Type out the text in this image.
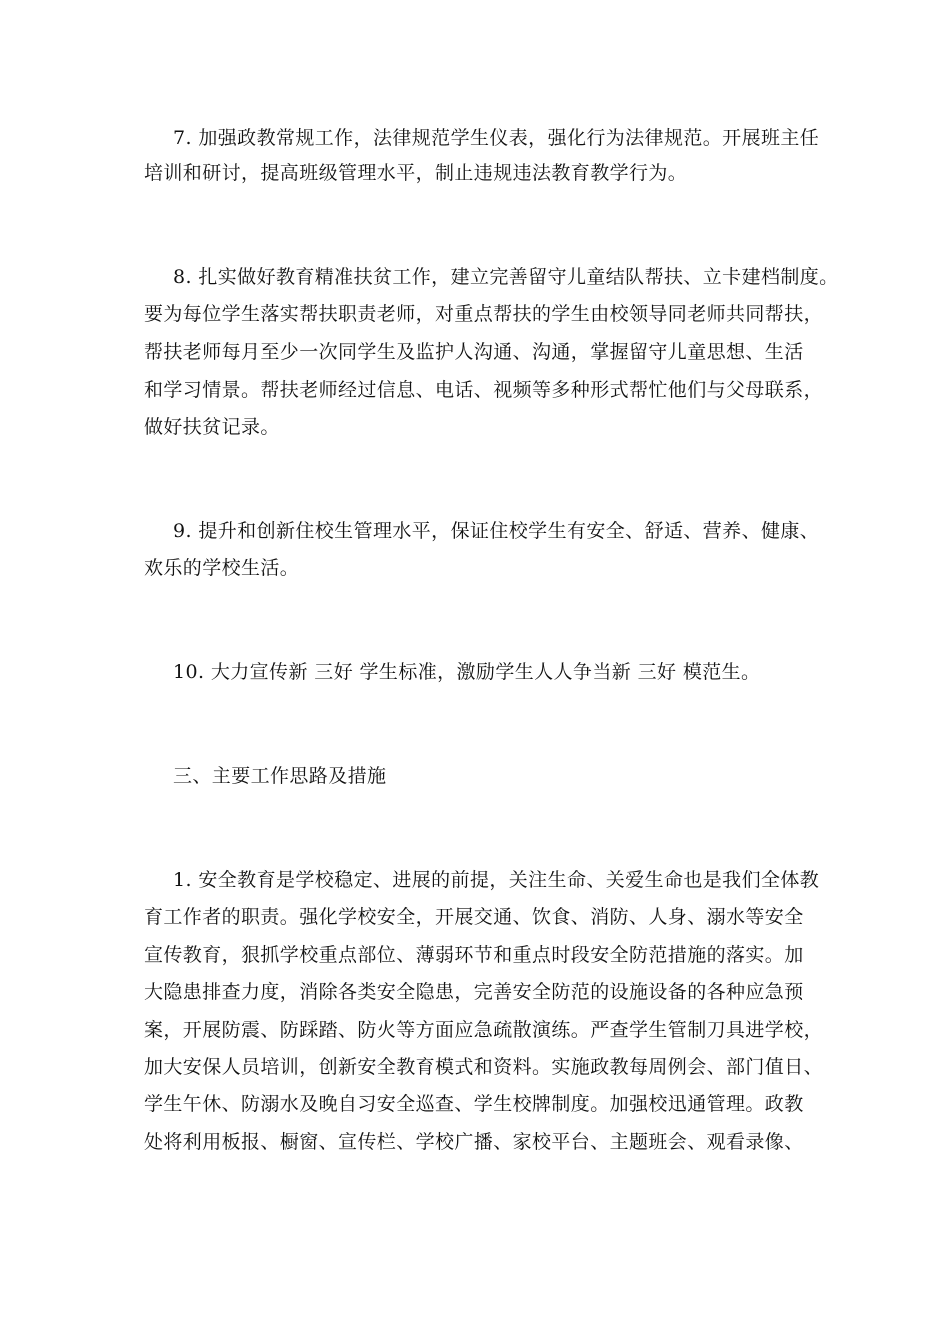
7. 加强政教常规工作，法律规范学生仪表，强化行为法律规范。开展班主任
培训和研讨，提高班级管理水平，制止违规违法教育教学行为。
8. 扎实做好教育精准扶贫工作，建立完善留守儿童结队帮扶、立卡建档制度。
要为每位学生落实帮扶职责老师，对重点帮扶的学生由校领导同老师共同帮扶，
帮扶老师每月至少一次同学生及监护人沟通、沟通，掌握留守儿童思想、生活
和学习情景。帮扶老师经过信息、电话、视频等多种形式帮忙他们与父母联系，
做好扶贫记录。
9. 提升和创新住校生管理水平，保证住校学生有安全、舒适、营养、健康、
欢乐的学校生活。
10. 大力宣传新 三好 学生标准，激励学生人人争当新 三好 模范生。
三、主要工作思路及措施
1. 安全教育是学校稳定、进展的前提，关注生命、关爱生命也是我们全体教
育工作者的职责。强化学校安全，开展交通、饮食、消防、人身、溺水等安全
宣传教育，狠抓学校重点部位、薄弱环节和重点时段安全防范措施的落实。加
大隐患排查力度，消除各类安全隐患，完善安全防范的设施设备的各种应急预
案，开展防震、防踩踏、防火等方面应急疏散演练。严查学生管制刀具进学校，
加大安保人员培训，创新安全教育模式和资料。实施政教每周例会、部门值日、
学生午休、防溺水及晚自习安全巡查、学生校牌制度。加强校迅通管理。政教
处将利用板报、橱窗、宣传栏、学校广播、家校平台、主题班会、观看录像、
